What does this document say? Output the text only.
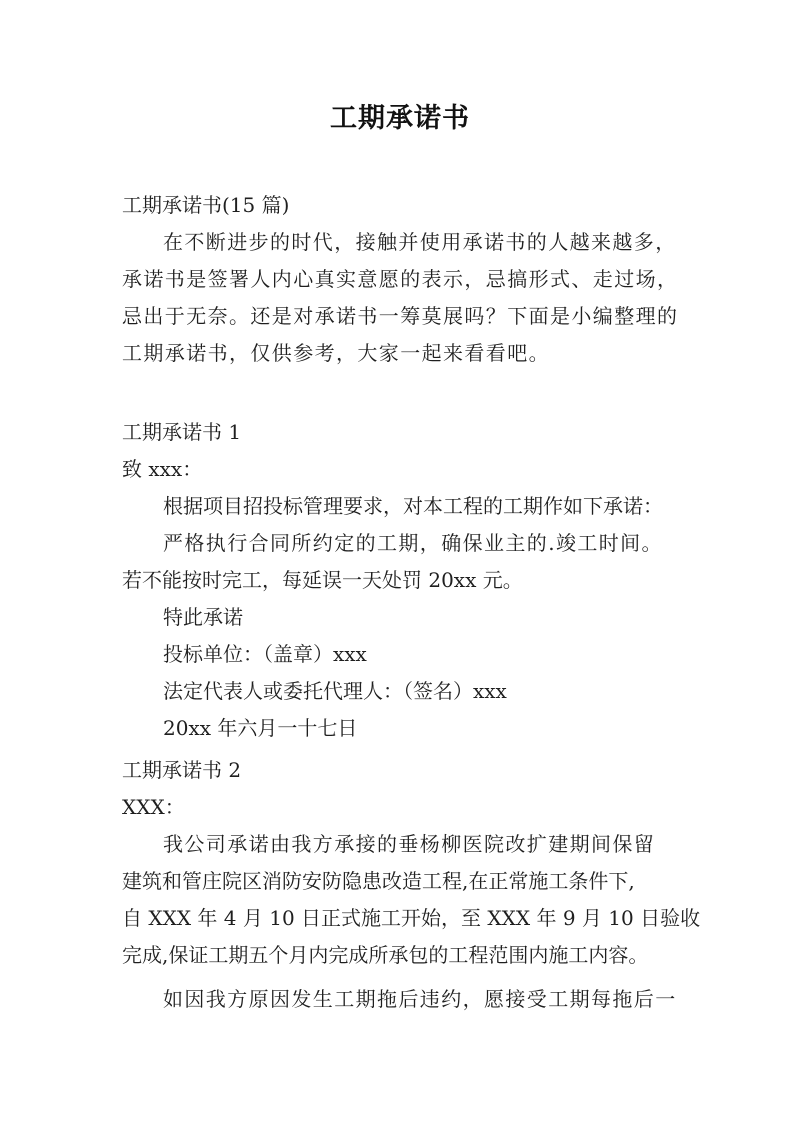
工期承诺书
工期承诺书(15 篇)
在不断进步的时代，接触并使用承诺书的人越来越多，
承诺书是签署人内心真实意愿的表示，忌搞形式、走过场，
忌出于无奈。还是对承诺书一筹莫展吗？下面是小编整理的
工期承诺书，仅供参考，大家一起来看看吧。
工期承诺书 1
致 xxx：
根据项目招投标管理要求，对本工程的工期作如下承诺：
严格执行合同所约定的工期，确保业主的.竣工时间。
若不能按时完工，每延误一天处罚 20xx 元。
特此承诺
投标单位：（盖章）xxx
法定代表人或委托代理人：（签名）xxx
20xx 年六月一十七日
工期承诺书 2
XXX：
我公司承诺由我方承接的垂杨柳医院改扩建期间保留
建筑和管庄院区消防安防隐患改造工程,在正常施工条件下,
自 XXX 年 4 月 10 日正式施工开始，至 XXX 年 9 月 10 日验收
完成,保证工期五个月内完成所承包的工程范围内施工内容。
如因我方原因发生工期拖后违约，愿接受工期每拖后一
